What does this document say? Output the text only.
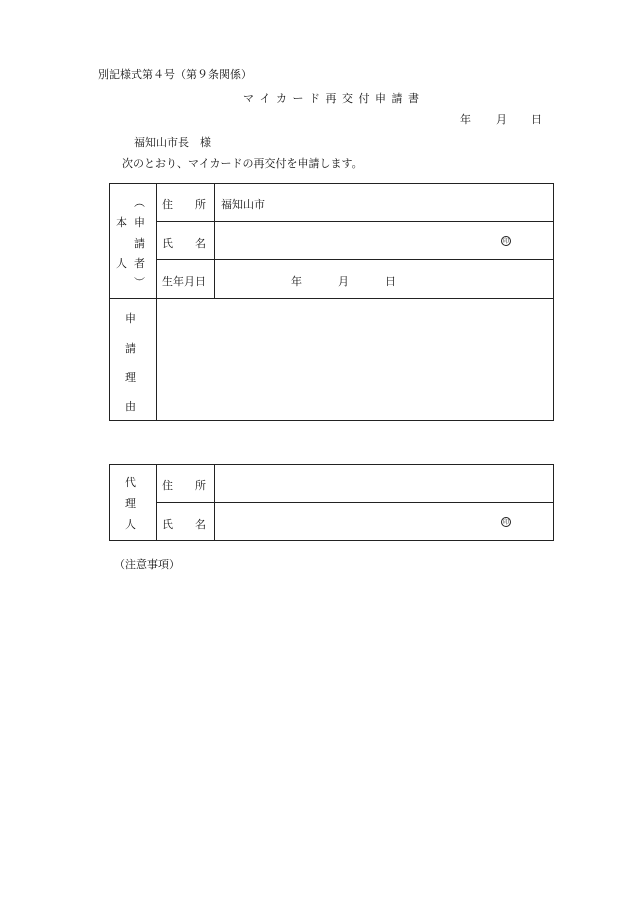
別記様式第４号（第９条関係）
マ イ カ ー ド 再 交 付 申 請 書
年 月 日
福知山市長　様
次のとおり、マイカードの再交付を申請します。
本
人
︵
申
請
者
︶
住　　所 福知山市
氏　　名	印
生年月日	年	月	日
申
請
理
由
代
理
人
住　　所
氏　　名	印
（注意事項）
